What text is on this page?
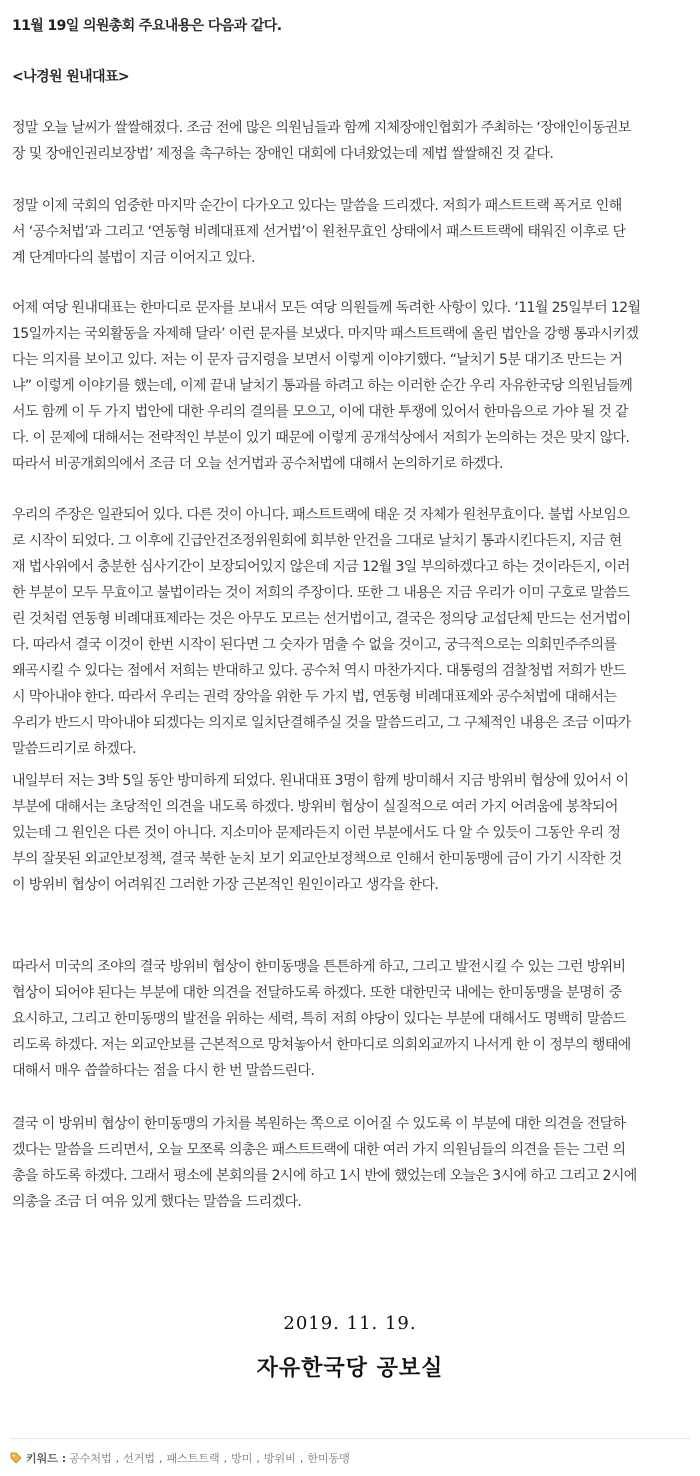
11월 19일 의원총회 주요내용은 다음과 같다.
<나경원 원내대표>
정말 오늘 날씨가 쌀쌀해졌다. 조금 전에 많은 의원님들과 함께 지체장애인협회가 주최하는 ‘장애인이동권보
장 및 장애인권리보장법’ 제정을 촉구하는 장애인 대회에 다녀왔었는데 제법 쌀쌀해진 것 같다.
정말 이제 국회의 엄중한 마지막 순간이 다가오고 있다는 말씀을 드리겠다. 저희가 패스트트랙 폭거로 인해
서 ‘공수처법’과 그리고 ‘연동형 비례대표제 선거법’이 원천무효인 상태에서 패스트트랙에 태워진 이후로 단
계 단계마다의 불법이 지금 이어지고 있다.
어제 여당 원내대표는 한마디로 문자를 보내서 모든 여당 의원들께 독려한 사항이 있다. ‘11월 25일부터 12월
15일까지는 국외활동을 자제해 달라’ 이런 문자를 보냈다. 마지막 패스트트랙에 올린 법안을 강행 통과시키겠
다는 의지를 보이고 있다. 저는 이 문자 금지령을 보면서 이렇게 이야기했다. “날치기 5분 대기조 만드는 거
냐” 이렇게 이야기를 했는데, 이제 끝내 날치기 통과를 하려고 하는 이러한 순간 우리 자유한국당 의원님들께
서도 함께 이 두 가지 법안에 대한 우리의 결의를 모으고, 이에 대한 투쟁에 있어서 한마음으로 가야 될 것 같
다. 이 문제에 대해서는 전략적인 부분이 있기 때문에 이렇게 공개석상에서 저희가 논의하는 것은 맞지 않다.
따라서 비공개회의에서 조금 더 오늘 선거법과 공수처법에 대해서 논의하기로 하겠다.
우리의 주장은 일관되어 있다. 다른 것이 아니다. 패스트트랙에 태운 것 자체가 원천무효이다. 불법 사보임으
로 시작이 되었다. 그 이후에 긴급안건조정위원회에 회부한 안건을 그대로 날치기 통과시킨다든지, 지금 현
재 법사위에서 충분한 심사기간이 보장되어있지 않은데 지금 12월 3일 부의하겠다고 하는 것이라든지, 이러
한 부분이 모두 무효이고 불법이라는 것이 저희의 주장이다. 또한 그 내용은 지금 우리가 이미 구호로 말씀드
린 것처럼 연동형 비례대표제라는 것은 아무도 모르는 선거법이고, 결국은 정의당 교섭단체 만드는 선거법이
다. 따라서 결국 이것이 한번 시작이 된다면 그 숫자가 멈출 수 없을 것이고, 궁극적으로는 의회민주주의를
왜곡시킬 수 있다는 점에서 저희는 반대하고 있다. 공수처 역시 마찬가지다. 대통령의 검찰청법 저희가 반드
시 막아내야 한다. 따라서 우리는 권력 장악을 위한 두 가지 법, 연동형 비례대표제와 공수처법에 대해서는
우리가 반드시 막아내야 되겠다는 의지로 일치단결해주실 것을 말씀드리고, 그 구체적인 내용은 조금 이따가
말씀드리기로 하겠다.
내일부터 저는 3박 5일 동안 방미하게 되었다. 원내대표 3명이 함께 방미해서 지금 방위비 협상에 있어서 이
부분에 대해서는 초당적인 의견을 내도록 하겠다. 방위비 협상이 실질적으로 여러 가지 어려움에 봉착되어
있는데 그 원인은 다른 것이 아니다. 지소미아 문제라든지 이런 부분에서도 다 알 수 있듯이 그동안 우리 정
부의 잘못된 외교안보정책, 결국 북한 눈치 보기 외교안보정책으로 인해서 한미동맹에 금이 가기 시작한 것
이 방위비 협상이 어려워진 그러한 가장 근본적인 원인이라고 생각을 한다.
따라서 미국의 조야의 결국 방위비 협상이 한미동맹을 튼튼하게 하고, 그리고 발전시킬 수 있는 그런 방위비
협상이 되어야 된다는 부분에 대한 의견을 전달하도록 하겠다. 또한 대한민국 내에는 한미동맹을 분명히 중
요시하고, 그리고 한미동맹의 발전을 위하는 세력, 특히 저희 야당이 있다는 부분에 대해서도 명백히 말씀드
리도록 하겠다. 저는 외교안보를 근본적으로 망쳐놓아서 한마디로 의회외교까지 나서게 한 이 정부의 행태에
대해서 매우 씁쓸하다는 점을 다시 한 번 말씀드린다.
결국 이 방위비 협상이 한미동맹의 가치를 복원하는 쪽으로 이어질 수 있도록 이 부분에 대한 의견을 전달하
겠다는 말씀을 드리면서, 오늘 모쪼록 의총은 패스트트랙에 대한 여러 가지 의원님들의 의견을 듣는 그런 의
총을 하도록 하겠다. 그래서 평소에 본회의를 2시에 하고 1시 반에 했었는데 오늘은 3시에 하고 그리고 2시에
의총을 조금 더 여유 있게 했다는 말씀을 드리겠다.
2019. 11. 19.
자유한국당 공보실
키워드 : 공수처법 , 선거법 , 패스트트랙 , 방미 , 방위비 , 한미동맹
